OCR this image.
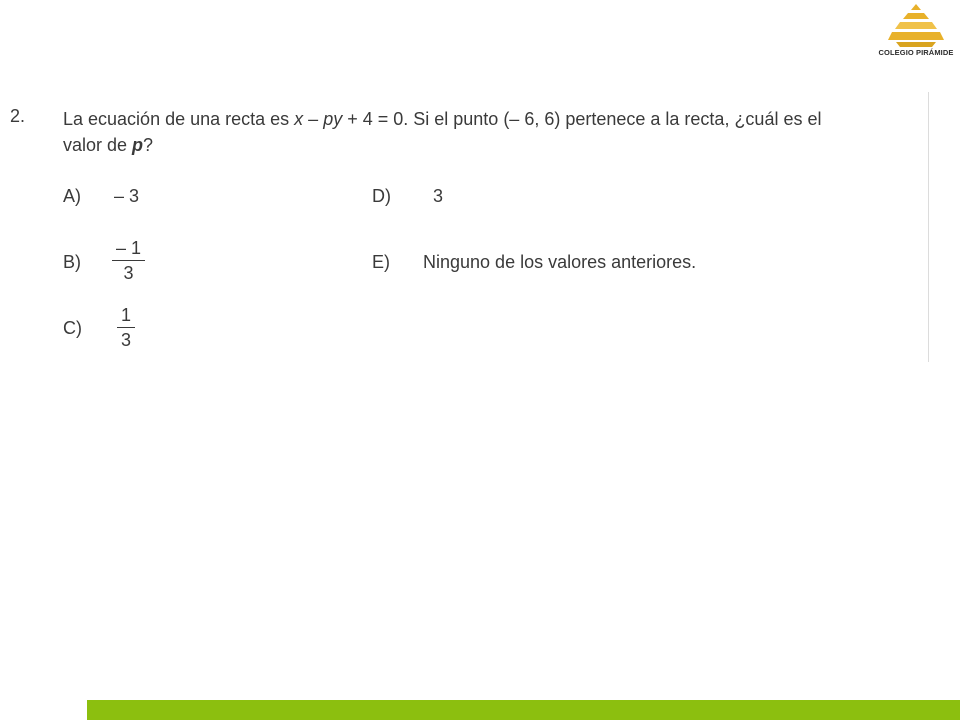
COLEGIO PIRÁMIDE
2. La ecuación de una recta es x – py + 4 = 0. Si el punto (– 6, 6) pertenece a la recta, ¿cuál es el
valor de p?
A) – 3
B)
– 1
3
C)
1
3
D) 3
E) Ninguno de los valores anteriores.
